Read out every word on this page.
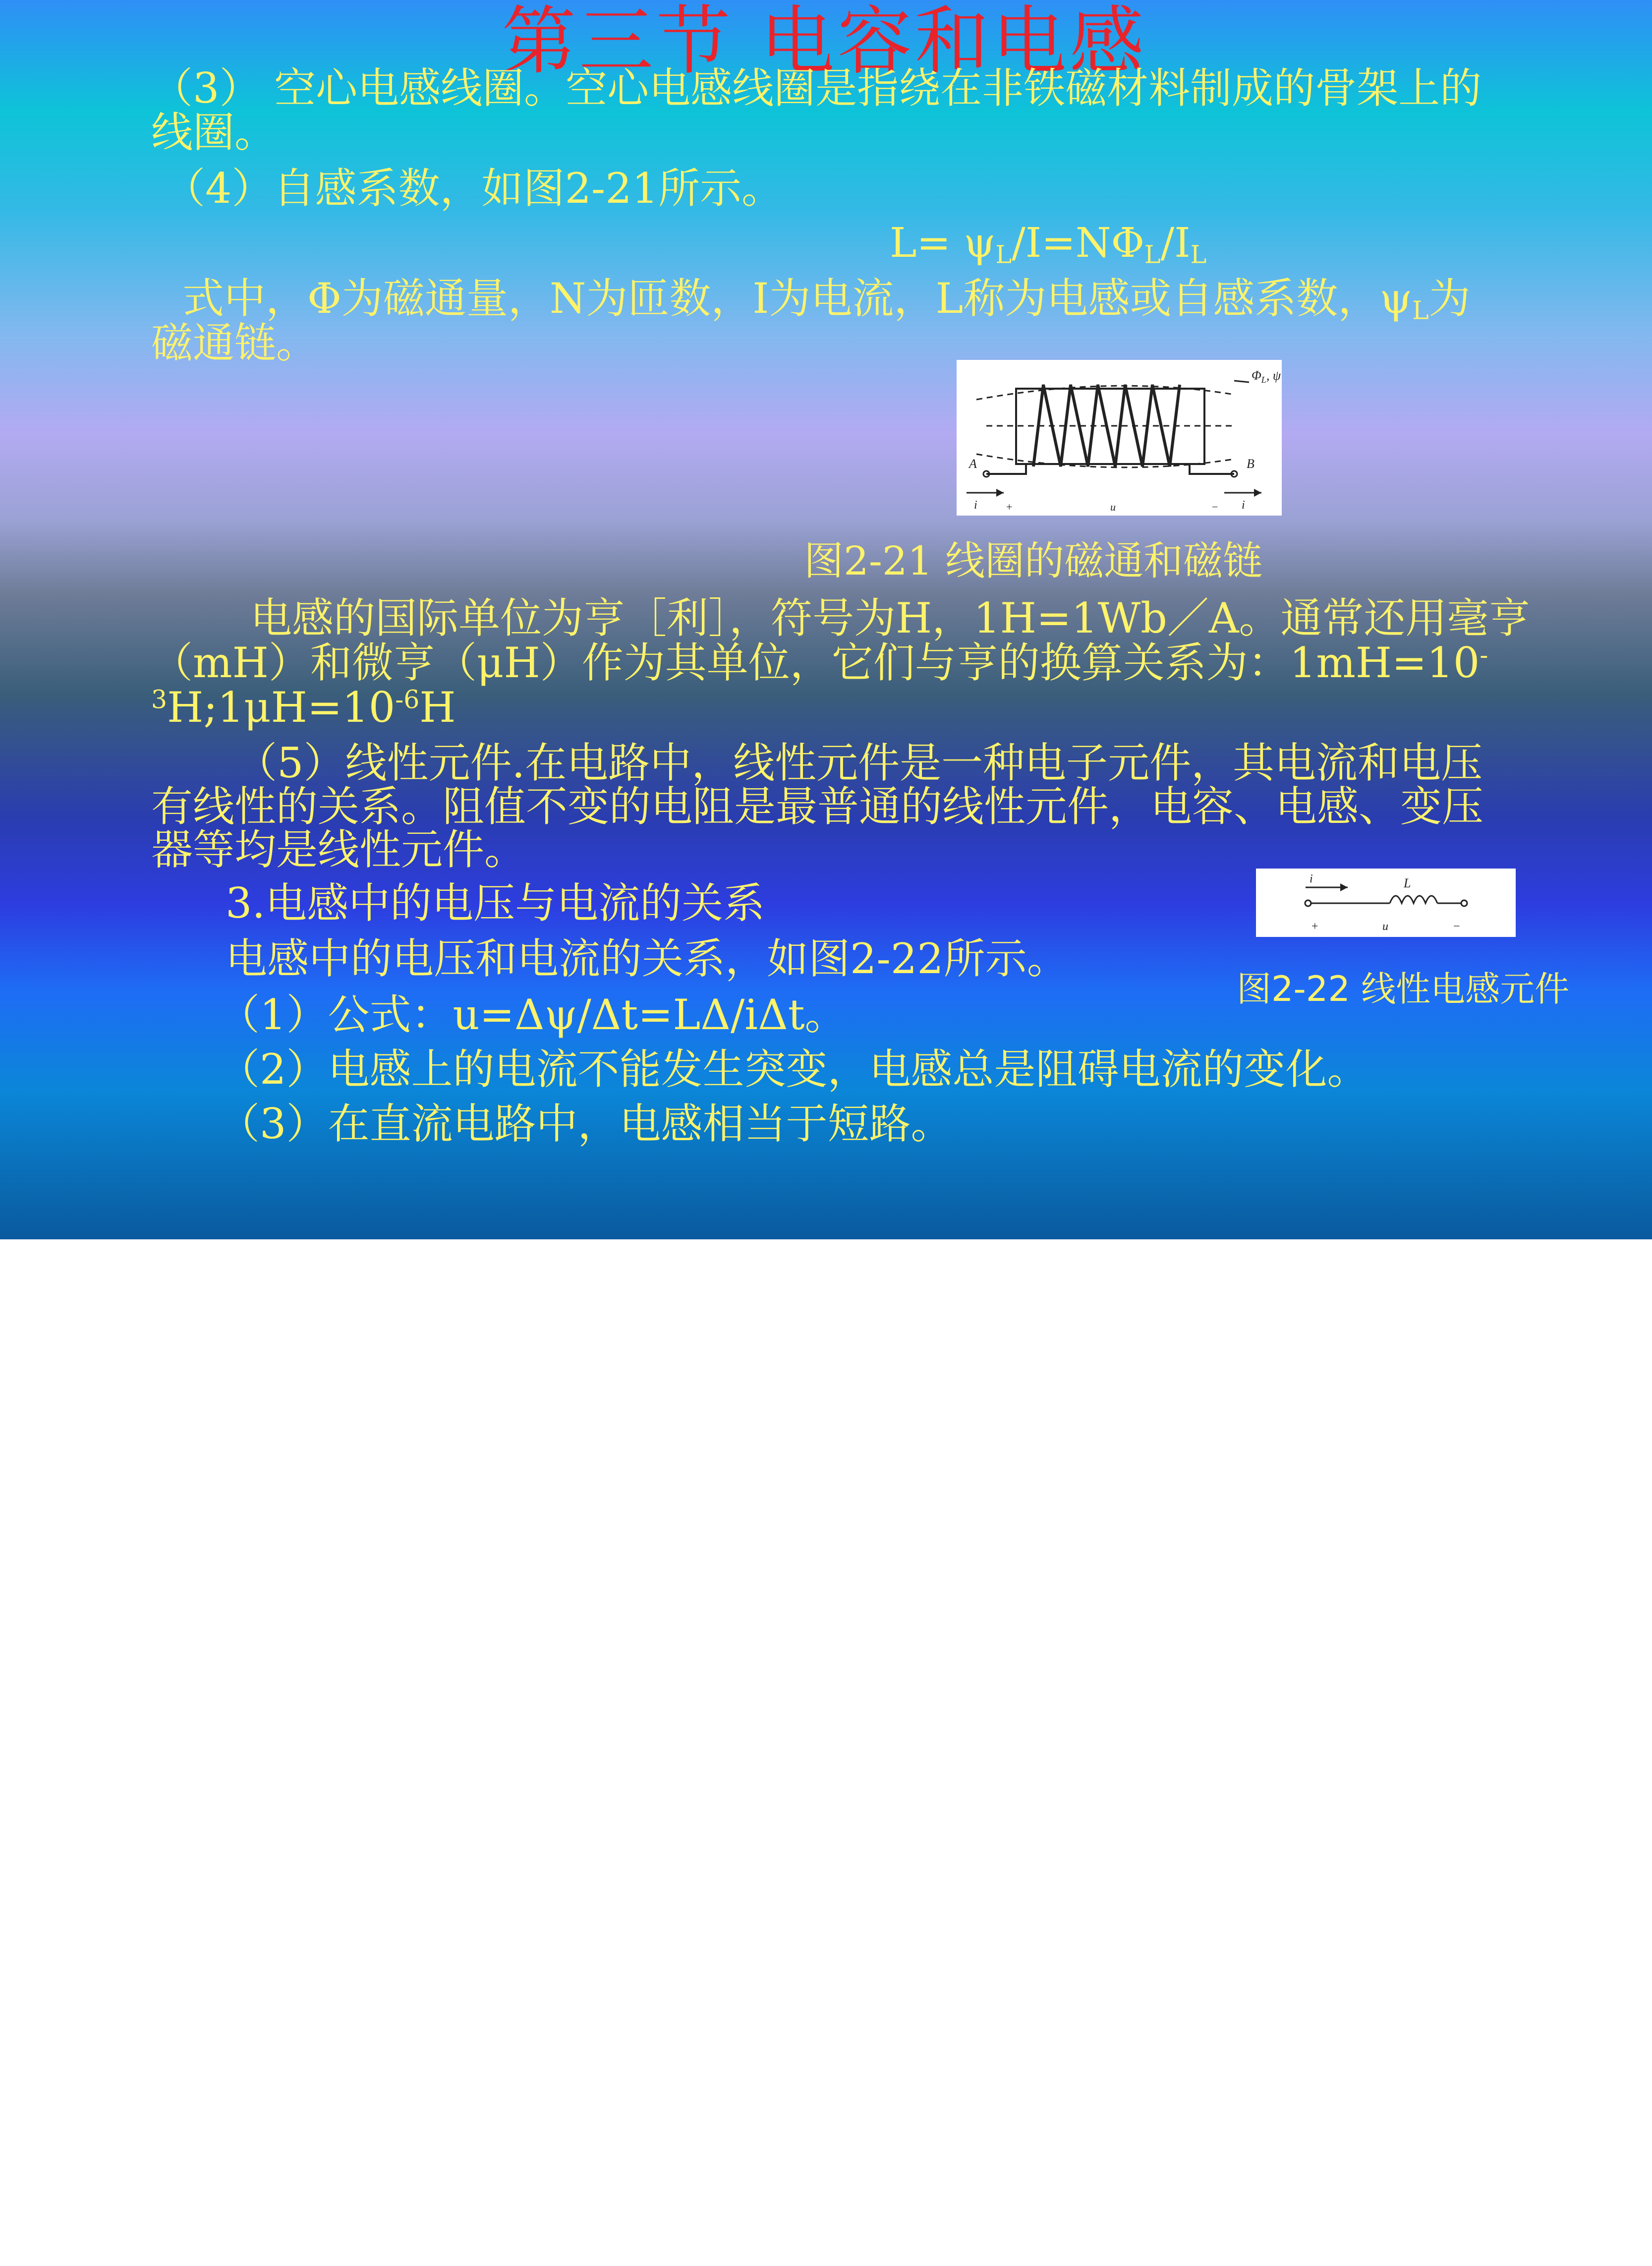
第三节 电容和电感
（3） 空心电感线圈。空心电感线圈是指绕在非铁磁材料制成的骨架上的
线圈。
（4）自感系数，如图2-21所示。
$L= \psi_L/I=N\Phi_L/I_L$
式中，Φ为磁通量，N为匝数，I为电流，L称为电感或自感系数，$\psi_L$为
磁通链。
$\Phi_L$, ψ
A	B
i	i
+	u	−
图2-21 线圈的磁通和磁链
电感的国际单位为亨［利］，符号为H，1H=1Wb／A。通常还用毫亨
（mH）和微亨（μH）作为其单位，它们与亨的换算关系为：1mH=10-
$^3H;1\mu H=10^{-6}H$
（5）线性元件.在电路中，线性元件是一种电子元件，其电流和电压
有线性的关系。阻值不变的电阻是最普通的线性元件，电容、电感、变压
器等均是线性元件。
3.电感中的电压与电流的关系
电感中的电压和电流的关系，如图2-22所示。
（1）公式：u=Δψ/Δt=LΔ/iΔt。
（2）电感上的电流不能发生突变，电感总是阻碍电流的变化。
（3）在直流电路中，电感相当于短路。
i	L
+	u	−
图2-22 线性电感元件
